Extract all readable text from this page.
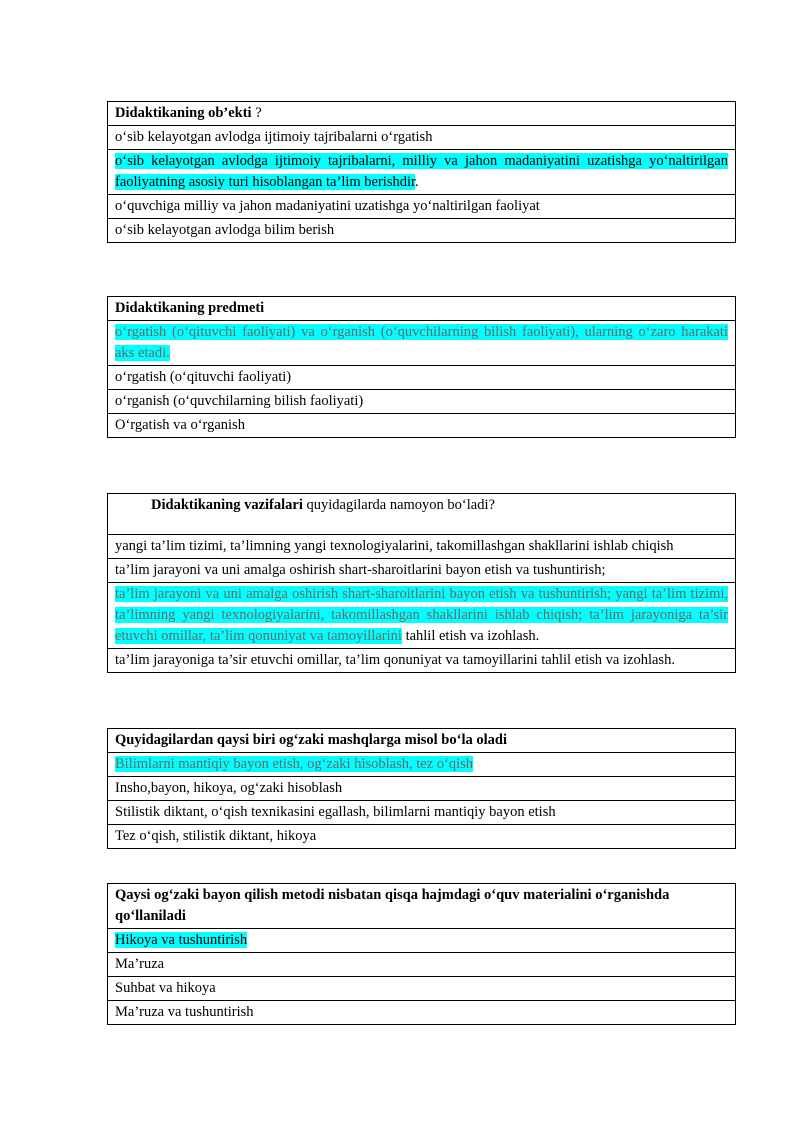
Didaktikaning ob’ekti ?
o‘sib kelayotgan avlodga ijtimoiy tajribalarni o‘rgatish
o‘sib kelayotgan avlodga ijtimoiy tajribalarni, milliy va jahon madaniyatini uzatishga yo‘naltirilgan faoliyatning asosiy turi hisoblangan ta’lim berishdir.
o‘quvchiga milliy va jahon madaniyatini uzatishga yo‘naltirilgan faoliyat
o‘sib kelayotgan avlodga bilim berish
Didaktikaning predmeti
o‘rgatish (o‘qituvchi faoliyati) va o‘rganish (o‘quvchilarning bilish faoliyati), ularning o‘zaro harakati aks etadi.
o‘rgatish (o‘qituvchi faoliyati)
o‘rganish (o‘quvchilarning bilish faoliyati)
O‘rgatish va o‘rganish
Didaktikaning vazifalari quyidagilarda namoyon bo‘ladi?
yangi ta’lim tizimi, ta’limning yangi texnologiyalarini, takomillashgan shakllarini ishlab chiqish
ta’lim jarayoni va uni amalga oshirish shart-sharoitlarini bayon etish va tushuntirish;
ta’lim jarayoni va uni amalga oshirish shart-sharoitlarini bayon etish va tushuntirish; yangi ta’lim tizimi, ta’limning yangi texnologiyalarini, takomillashgan shakllarini ishlab chiqish; ta’lim jarayoniga ta’sir etuvchi omillar, ta’lim qonuniyat va tamoyillarini tahlil etish va izohlash.
ta’lim jarayoniga ta’sir etuvchi omillar, ta’lim qonuniyat va tamoyillarini tahlil etish va izohlash.
Quyidagilardan qaysi biri og‘zaki mashqlarga misol bo‘la oladi
Bilimlarni mantiqiy bayon etish, og‘zaki hisoblash, tez o‘qish
Insho,bayon, hikoya, og‘zaki hisoblash
Stilistik diktant, o‘qish texnikasini egallash, bilimlarni mantiqiy bayon etish
Tez o‘qish, stilistik diktant, hikoya
Qaysi og‘zaki bayon qilish metodi nisbatan qisqa hajmdagi o‘quv materialini o‘rganishda qo‘llaniladi
Hikoya va tushuntirish
Ma’ruza
Suhbat va hikoya
Ma’ruza va tushuntirish
